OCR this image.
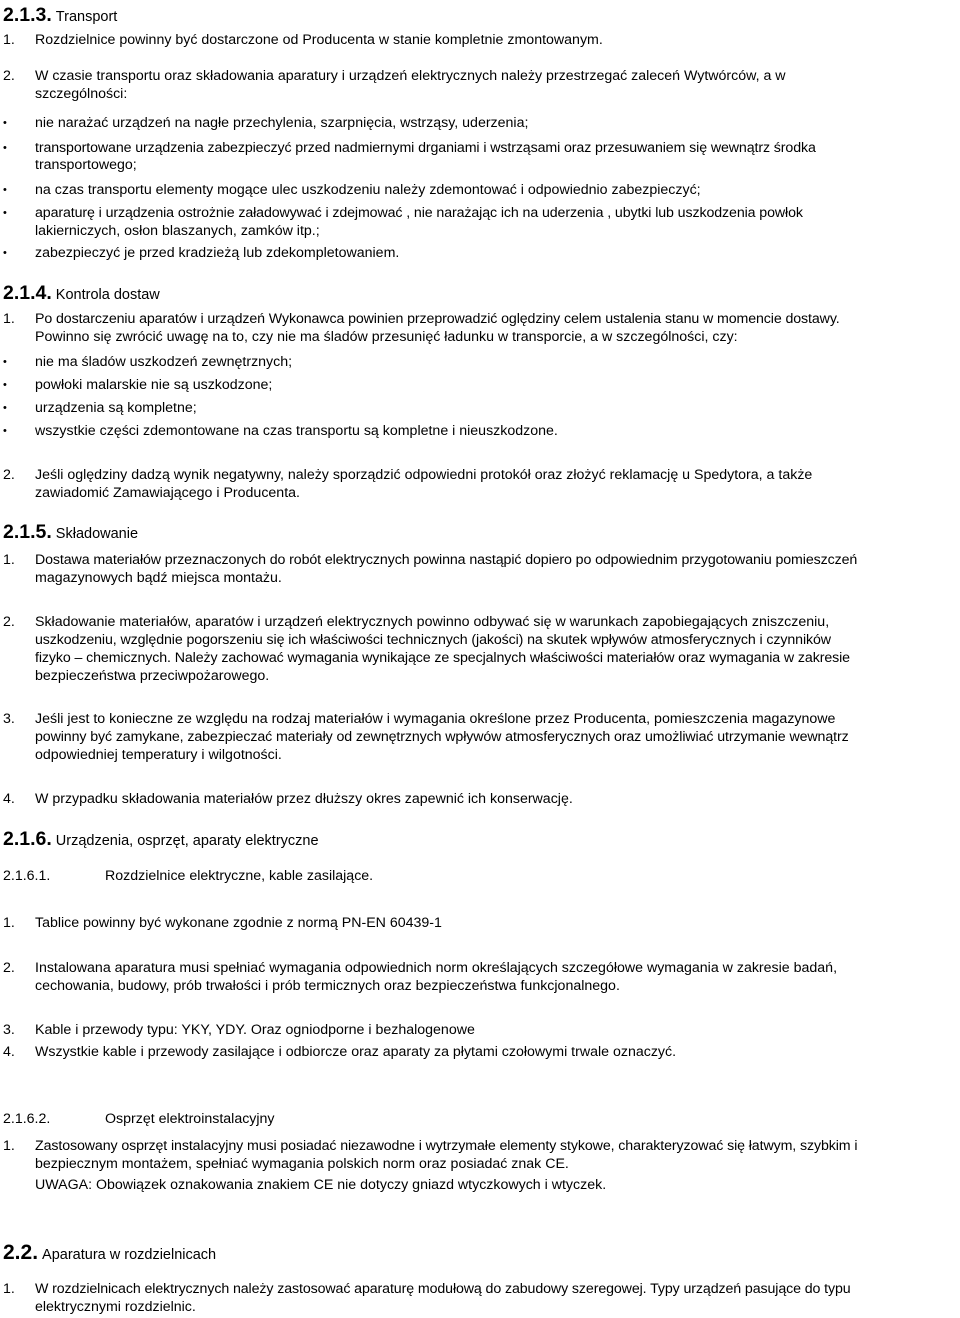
2.1.3. Transport
1. Rozdzielnice powinny być dostarczone od Producenta w stanie kompletnie zmontowanym.
2. W czasie transportu oraz składowania aparatury i urządzeń elektrycznych należy przestrzegać zaleceń Wytwórców, a w
szczególności:
• nie narażać urządzeń na nagłe przechylenia, szarpnięcia, wstrząsy, uderzenia;
• transportowane urządzenia zabezpieczyć przed nadmiernymi drganiami i wstrząsami oraz przesuwaniem się wewnątrz środka
transportowego;
• na czas transportu elementy mogące ulec uszkodzeniu należy zdemontować i odpowiednio zabezpieczyć;
• aparaturę i urządzenia ostrożnie załadowywać i zdejmować , nie narażając ich na uderzenia , ubytki lub uszkodzenia powłok
lakierniczych, osłon blaszanych, zamków itp.;
• zabezpieczyć je przed kradzieżą lub zdekompletowaniem.
2.1.4. Kontrola dostaw
1. Po dostarczeniu aparatów i urządzeń Wykonawca powinien przeprowadzić oględziny celem ustalenia stanu w momencie dostawy.
Powinno się zwrócić uwagę na to, czy nie ma śladów przesunięć ładunku w transporcie, a w szczególności, czy:
• nie ma śladów uszkodzeń zewnętrznych;
• powłoki malarskie nie są uszkodzone;
• urządzenia są kompletne;
• wszystkie części zdemontowane na czas transportu są kompletne i nieuszkodzone.
2. Jeśli oględziny dadzą wynik negatywny, należy sporządzić odpowiedni protokół oraz złożyć reklamację u Spedytora, a także
zawiadomić Zamawiającego i Producenta.
2.1.5. Składowanie
1. Dostawa materiałów przeznaczonych do robót elektrycznych powinna nastąpić dopiero po odpowiednim przygotowaniu pomieszczeń
magazynowych bądź miejsca montażu.
2. Składowanie materiałów, aparatów i urządzeń elektrycznych powinno odbywać się w warunkach zapobiegających zniszczeniu,
uszkodzeniu, względnie pogorszeniu się ich właściwości technicznych (jakości) na skutek wpływów atmosferycznych i czynników
fizyko – chemicznych. Należy zachować wymagania wynikające ze specjalnych właściwości materiałów oraz wymagania w zakresie
bezpieczeństwa przeciwpożarowego.
3. Jeśli jest to konieczne ze względu na rodzaj materiałów i wymagania określone przez Producenta, pomieszczenia magazynowe
powinny być zamykane, zabezpieczać materiały od zewnętrznych wpływów atmosferycznych oraz umożliwiać utrzymanie wewnątrz
odpowiedniej temperatury i wilgotności.
4. W przypadku składowania materiałów przez dłuższy okres zapewnić ich konserwację.
2.1.6. Urządzenia, osprzęt, aparaty elektryczne
2.1.6.1.	Rozdzielnice elektryczne, kable zasilające.
1. Tablice powinny być wykonane zgodnie z normą PN-EN 60439-1
2. Instalowana aparatura musi spełniać wymagania odpowiednich norm określających szczegółowe wymagania w zakresie badań,
cechowania, budowy, prób trwałości i prób termicznych oraz bezpieczeństwa funkcjonalnego.
3. Kable i przewody typu: YKY, YDY. Oraz ogniodporne i bezhalogenowe
4. Wszystkie kable i przewody zasilające i odbiorcze oraz aparaty za płytami czołowymi trwale oznaczyć.
2.1.6.2.	Osprzęt elektroinstalacyjny
1. Zastosowany osprzęt instalacyjny musi posiadać niezawodne i wytrzymałe elementy stykowe, charakteryzować się łatwym, szybkim i
bezpiecznym montażem, spełniać wymagania polskich norm oraz posiadać znak CE.
UWAGA: Obowiązek oznakowania znakiem CE nie dotyczy gniazd wtyczkowych i wtyczek.
2.2. Aparatura w rozdzielnicach
1. W rozdzielnicach elektrycznych należy zastosować aparaturę modułową do zabudowy szeregowej. Typy urządzeń pasujące do typu
elektrycznymi rozdzielnic.
